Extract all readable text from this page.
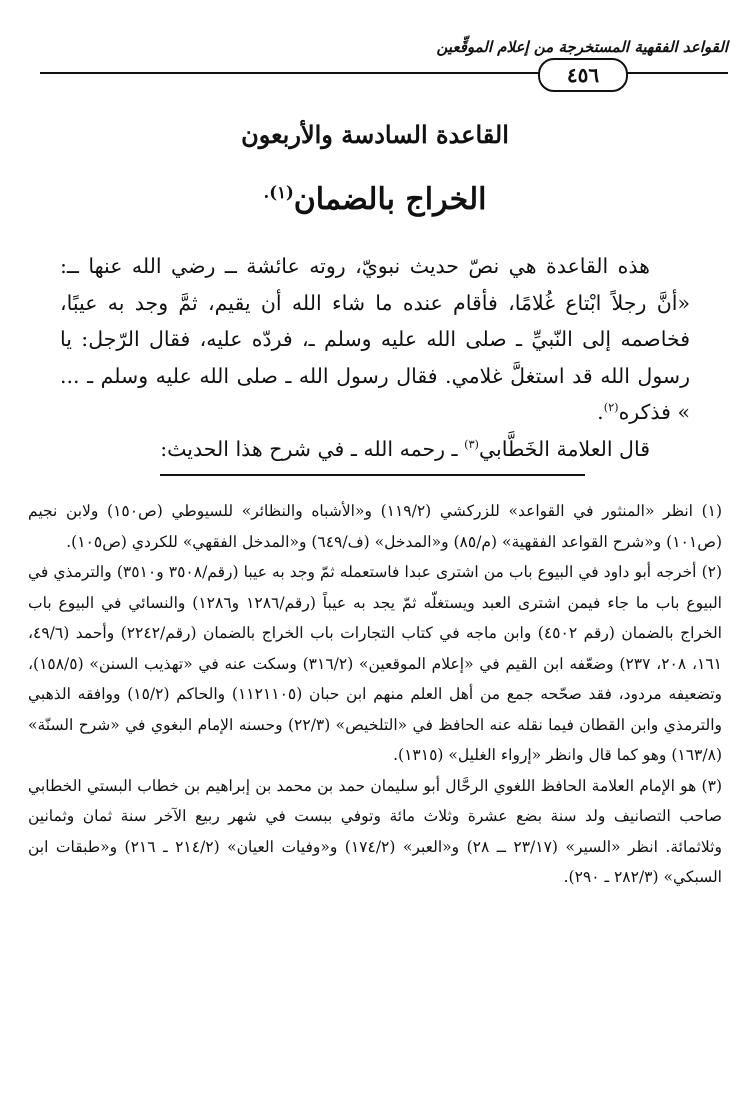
القواعد الفقهية المستخرجة من إعلام الموقِّعين
٤٥٦
القاعدة السادسة والأربعون
الخراج بالضمان$^{(١).}$

هذه القاعدة هي نصّ حديث نبويّ، روته عائشة ــ رضي الله عنها ــ: «أنَّ رجلاً ابْتاع غُلامًا، فأقام عنده ما شاء الله أن يقيم، ثمَّ وجد به عيبًا، فخاصمه إلى النّبيِّ ـ صلى الله عليه وسلم ـ، فردّه عليه، فقال الرّجل: يا رسول الله قد استغلَّ غلامي. فقال رسول الله ـ صلى الله عليه وسلم ـ ... » فذكره$^{(٢)}$.

قال العلامة الخَطَّابي$^{(٣)}$ ـ رحمه الله ـ في شرح هذا الحديث:

(١) انظر «المنثور في القواعد» للزركشي (١١٩/٢) و«الأشباه والنظائر» للسيوطي (ص١٥٠) ولابن نجيم (ص١٠١) و«شرح القواعد الفقهية» (م/٨٥) و«المدخل» (ف/٦٤٩) و«المدخل الفقهي» للكردي (ص١٠٥).

(٢) أخرجه أبو داود في البيوع باب من اشترى عبدا فاستعمله ثمّ وجد به عيبا (رقم/٣٥٠٨ و٣٥١٠) والترمذي في البيوع باب ما جاء فيمن اشترى العبد ويستغلّه ثمّ يجد به عيباً (رقم/١٢٨٦ و١٢٨٦) والنسائي في البيوع باب الخراج بالضمان (رقم ٤٥٠٢) وابن ماجه في كتاب التجارات باب الخراج بالضمان (رقم/٢٢٤٢) وأحمد (٤٩/٦، ١٦١، ٢٠٨، ٢٣٧) وضعّفه ابن القيم في «إعلام الموقعين» (٣١٦/٢) وسكت عنه في «تهذيب السنن» (١٥٨/٥)، وتضعيفه مردود، فقد صحّحه جمع من أهل العلم منهم ابن حبان (١١٢١١٠٥) والحاكم (١٥/٢) ووافقه الذهبي والترمذي وابن القطان فيما نقله عنه الحافظ في «التلخيص» (٢٢/٣) وحسنه الإمام البغوي في «شرح السنّة» (١٦٣/٨) وهو كما قال وانظر «إرواء الغليل» (١٣١٥).

(٣) هو الإمام العلامة الحافظ اللغوي الرحَّال أبو سليمان حمد بن محمد بن إبراهيم بن خطاب البستي الخطابي صاحب التصانيف ولد سنة بضع عشرة وثلاث مائة وتوفي ببست في شهر ربيع الآخر سنة ثمان وثمانين وثلاثمائة. انظر «السير» (٢٣/١٧ ــ ٢٨) و«العبر» (١٧٤/٢) و«وفيات العيان» (٢١٤/٢ ـ ٢١٦) و«طبقات ابن السبكي» (٢٨٢/٣ ـ ٢٩٠).
